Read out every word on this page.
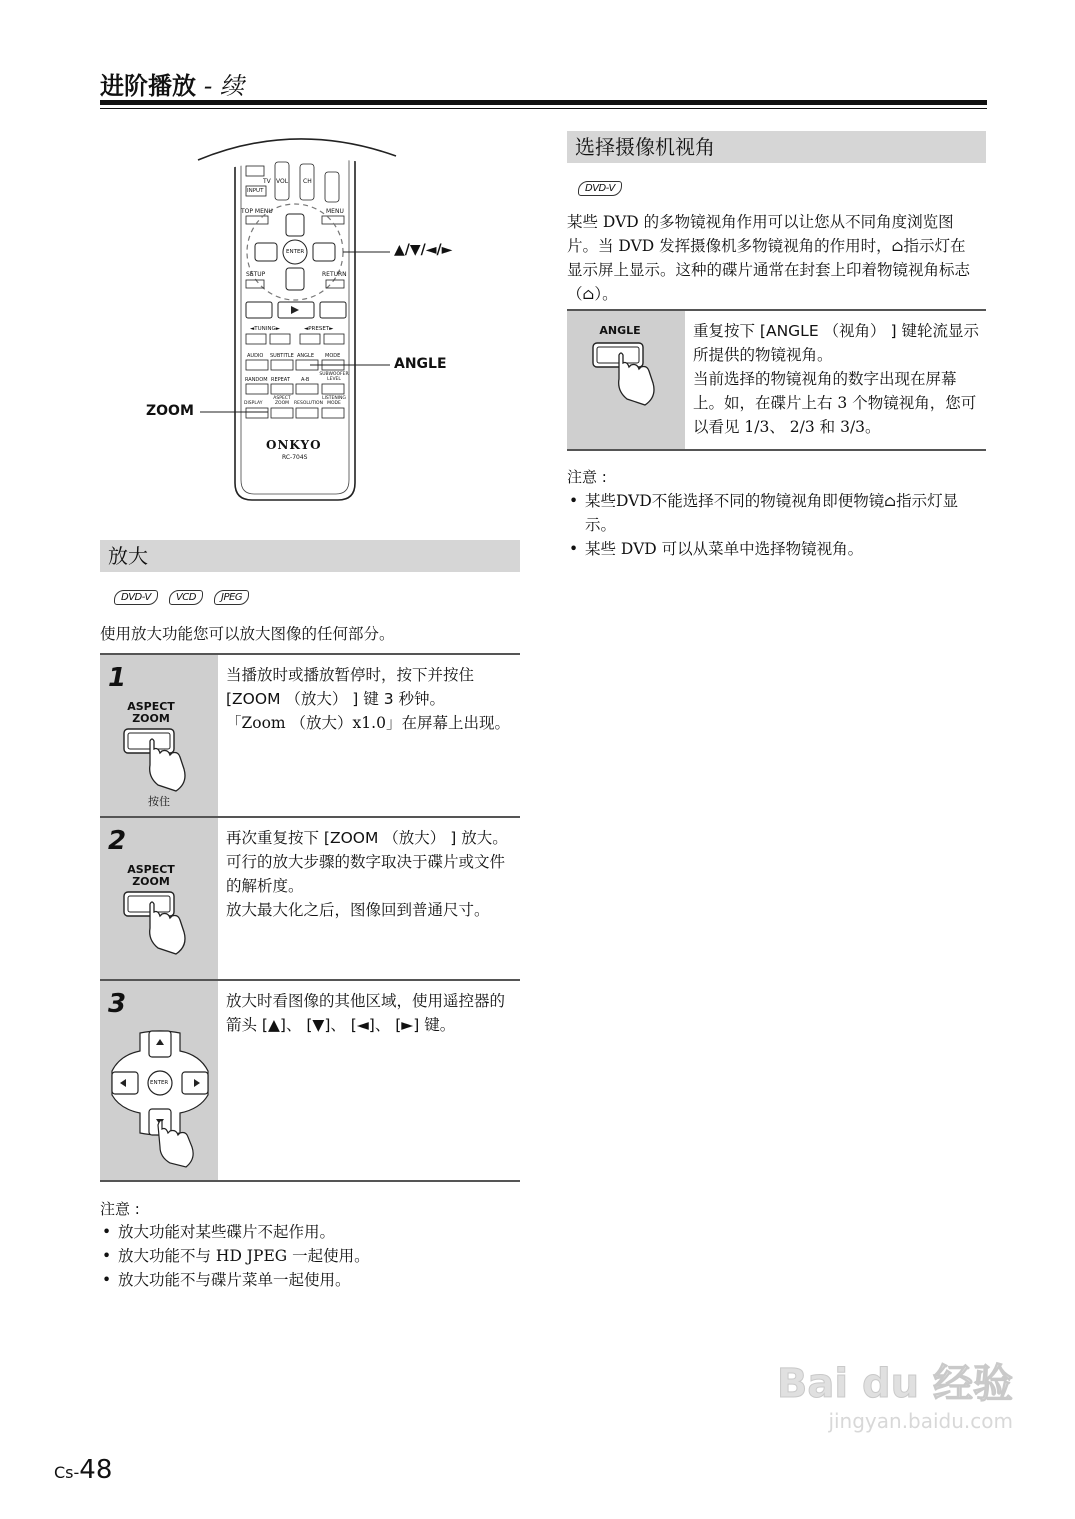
进阶播放 - 续
TV
INPUT
VOL CH
TOP MENU	MENU
ENTER
SETUP	RETURN
◄TUNING►	◄PRESET►
AUDIO SUBTITLE ANGLE MODE
RANDOM REPEAT A-B
SUBWOOFER LEVEL
DISPLAY
ASPECT ZOOM	RESOLUTION
LISTENING MODE
ONKYO
RC-704S
▲/▼/◄/►
ANGLE
ZOOM
放大
DVD-V	VCD	JPEG
使用放大功能您可以放大图像的任何部分。
1
ASPECT
ZOOM
按住
当播放时或播放暂停时，按下并按住 [ZOOM （放大） ] 键 3 秒钟。
「Zoom （放大）x1.0」在屏幕上出现。
2
ASPECT
ZOOM
再次重复按下 [ZOOM （放大） ] 放大。
可行的放大步骤的数字取决于碟片或文件的解析度。
放大最大化之后，图像回到普通尺寸。
3
ENTER
放大时看图像的其他区域，使用遥控器的箭头 [▲]、 [▼]、 [◄]、 [►] 键。
注意 :
• 放大功能对某些碟片不起作用。
• 放大功能不与 HD JPEG 一起使用。
• 放大功能不与碟片菜单一起使用。
选择摄像机视角
DVD-V
某些 DVD 的多物镜视角作用可以让您从不同角度浏览图片。当 DVD 发挥摄像机多物镜视角的作用时，⌂指示灯在显示屏上显示。这种的碟片通常在封套上印着物镜视角标志 （⌂）。
ANGLE	重复按下 [ANGLE （视角） ] 键轮流显示所提供的物镜视角。
当前选择的物镜视角的数字出现在屏幕上。如，在碟片上右 3 个物镜视角，您可以看见 1/3、 2/3 和 3/3。
注意 :
• 某些DVD不能选择不同的物镜视角即便物镜⌂指示灯显示。
• 某些 DVD 可以从菜单中选择物镜视角。
Bai du 经验
jingyan.baidu.com
Cs-48
